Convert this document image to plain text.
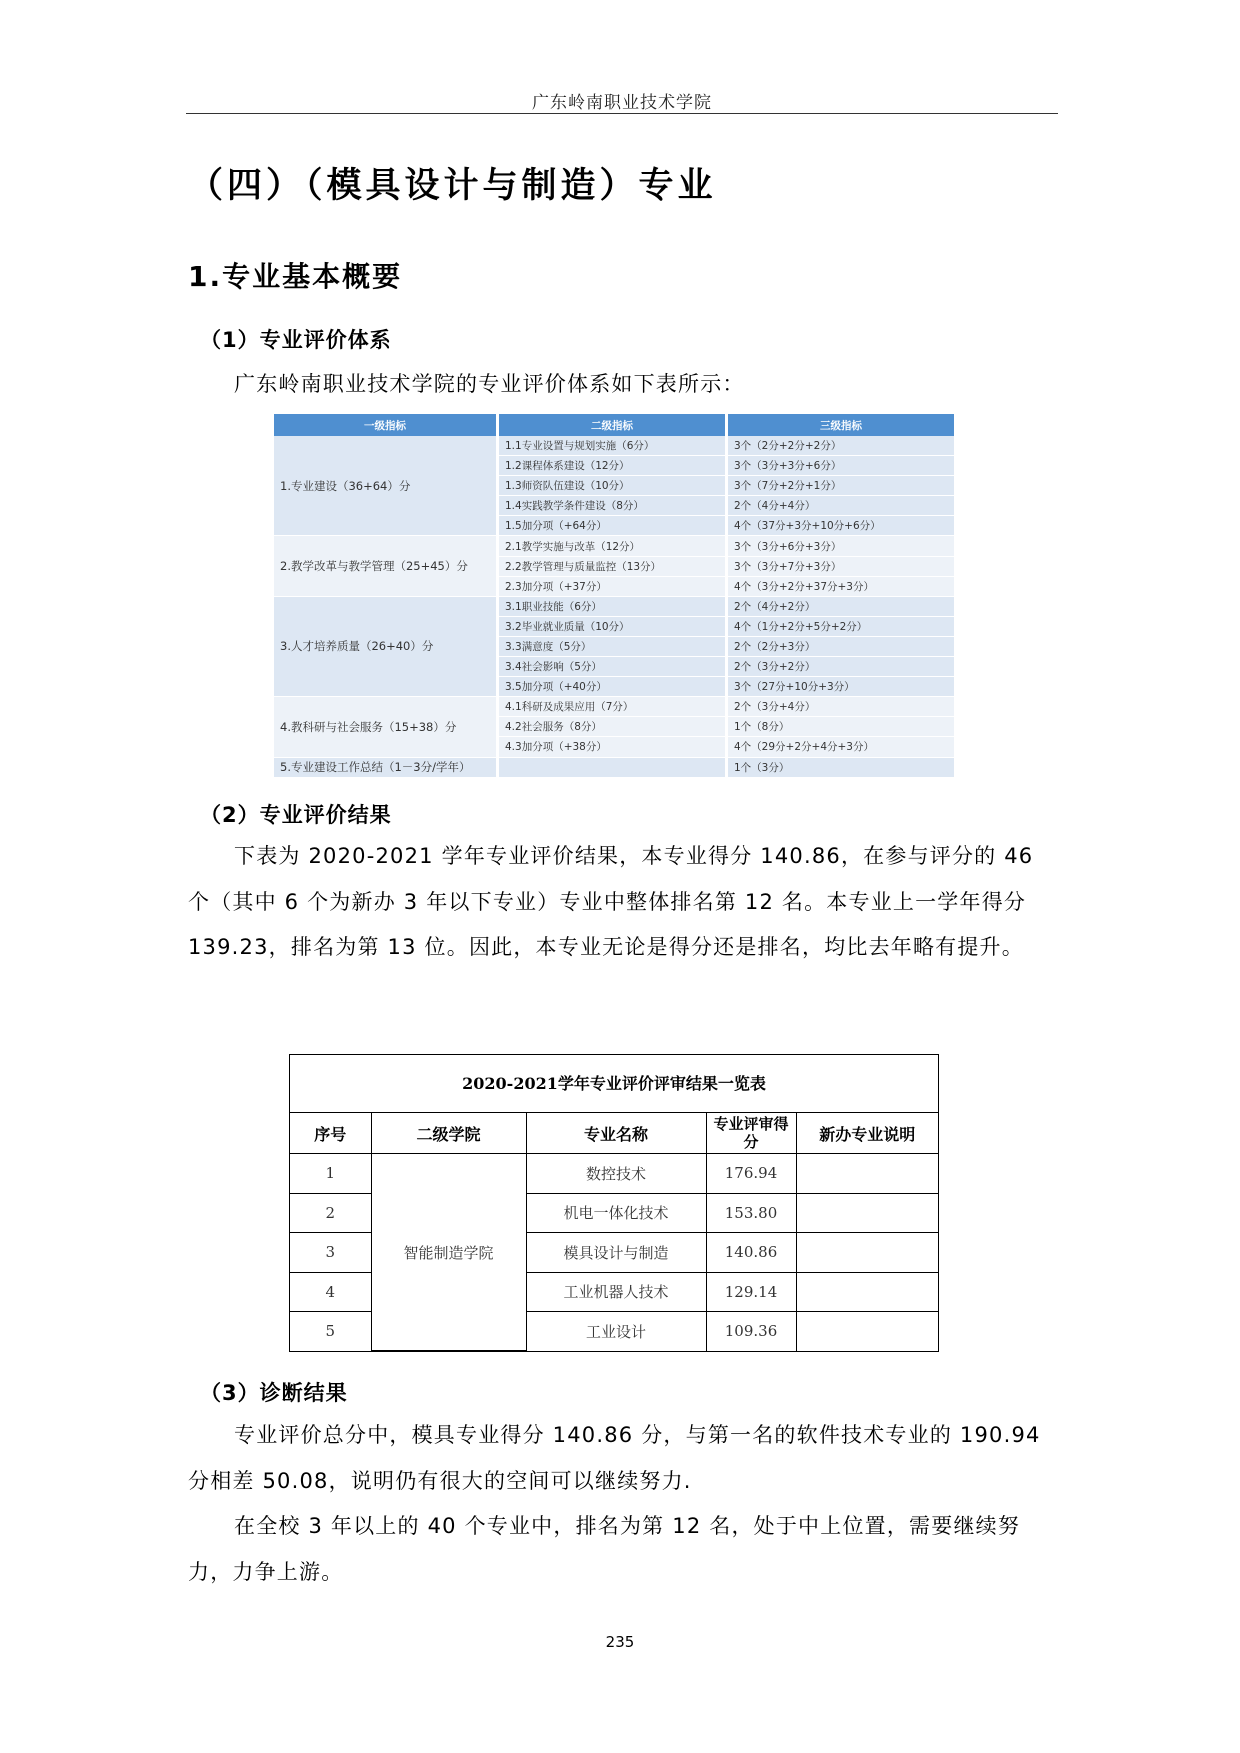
广东岭南职业技术学院
（四）（模具设计与制造）专业
1.专业基本概要
（1）专业评价体系

广东岭南职业技术学院的专业评价体系如下表所示：

一级指标	二级指标	三级指标
1.专业建设（36+64）分	1.1专业设置与规划实施（6分）	3个（2分+2分+2分）
	1.2课程体系建设（12分）	3个（3分+3分+6分）
	1.3师资队伍建设（10分）	3个（7分+2分+1分）
	1.4实践教学条件建设（8分）	2个（4分+4分）
	1.5加分项（+64分）	4个（37分+3分+10分+6分）
2.教学改革与教学管理（25+45）分	2.1教学实施与改革（12分）	3个（3分+6分+3分）
	2.2教学管理与质量监控（13分）	3个（3分+7分+3分）
	2.3加分项（+37分）	4个（3分+2分+37分+3分）
3.人才培养质量（26+40）分	3.1职业技能（6分）	2个（4分+2分）
	3.2毕业就业质量（10分）	4个（1分+2分+5分+2分）
	3.3满意度（5分）	2个（2分+3分）
	3.4社会影响（5分）	2个（3分+2分）
	3.5加分项（+40分）	3个（27分+10分+3分）
4.教科研与社会服务（15+38）分	4.1科研及成果应用（7分）	2个（3分+4分）
	4.2社会服务（8分）	1个（8分）
	4.3加分项（+38分）	4个（29分+2分+4分+3分）
5.专业建设工作总结（1－3分/学年）		1个（3分）
（2）专业评价结果

下表为 2020-2021 学年专业评价结果，本专业得分 140.86，在参与评分的 46 个（其中 6 个为新办 3 年以下专业）专业中整体排名第 12 名。本专业上一学年得分 139.23，排名为第 13 位。因此，本专业无论是得分还是排名，均比去年略有提升。

2020-2021学年专业评价评审结果一览表
序号	二级学院	专业名称	专业评审得分	新办专业说明
1	智能制造学院	数控技术	176.94	
2		机电一体化技术	153.80	
3		模具设计与制造	140.86	
4		工业机器人技术	129.14	
5		工业设计	109.36	
（3）诊断结果

专业评价总分中，模具专业得分 140.86 分，与第一名的软件技术专业的 190.94 分相差 50.08，说明仍有很大的空间可以继续努力.

在全校 3 年以上的 40 个专业中，排名为第 12 名，处于中上位置，需要继续努力，力争上游。

235
